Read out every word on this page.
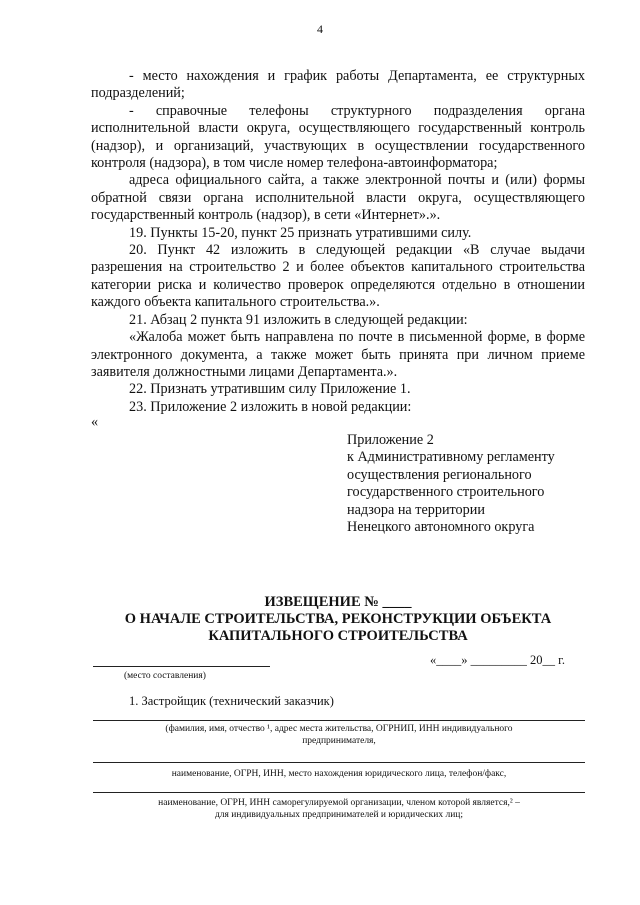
4

- место нахождения и график работы Департамента, ее структурных подразделений;

- справочные телефоны структурного подразделения органа исполнительной власти округа, осуществляющего государственный контроль (надзор), и организаций, участвующих в осуществлении государственного контроля (надзора), в том числе номер телефона-автоинформатора;

адреса официального сайта, а также электронной почты и (или) формы обратной связи органа исполнительной власти округа, осуществляющего государственный контроль (надзор), в сети «Интернет».».

19. Пункты 15-20, пункт 25 признать утратившими силу.

20. Пункт 42 изложить в следующей редакции «В случае выдачи разрешения на строительство 2 и более объектов капитального строительства категории риска и количество проверок определяются отдельно в отношении каждого объекта капитального строительства.».

21. Абзац 2 пункта 91 изложить в следующей редакции:

«Жалоба может быть направлена по почте в письменной форме, в форме электронного документа, а также может быть принята при личном приеме заявителя должностными лицами Департамента.».

22. Признать утратившим силу Приложение 1.

23. Приложение 2 изложить в новой редакции:

«
Приложение 2
к Административному регламенту
осуществления регионального
государственного строительного
надзора на территории
Ненецкого автономного округа
ИЗВЕЩЕНИЕ № ____
О НАЧАЛЕ СТРОИТЕЛЬСТВА, РЕКОНСТРУКЦИИ ОБЪЕКТА
КАПИТАЛЬНОГО СТРОИТЕЛЬСТВА
(место составления)
«____» _________ 20__ г.
1. Застройщик (технический заказчик)
(фамилия, имя, отчество ¹, адрес места жительства, ОГРНИП, ИНН индивидуального
предпринимателя,
наименование, ОГРН, ИНН, место нахождения юридического лица, телефон/факс,
наименование, ОГРН, ИНН саморегулируемой организации, членом которой является,² –
для индивидуальных предпринимателей и юридических лиц;
